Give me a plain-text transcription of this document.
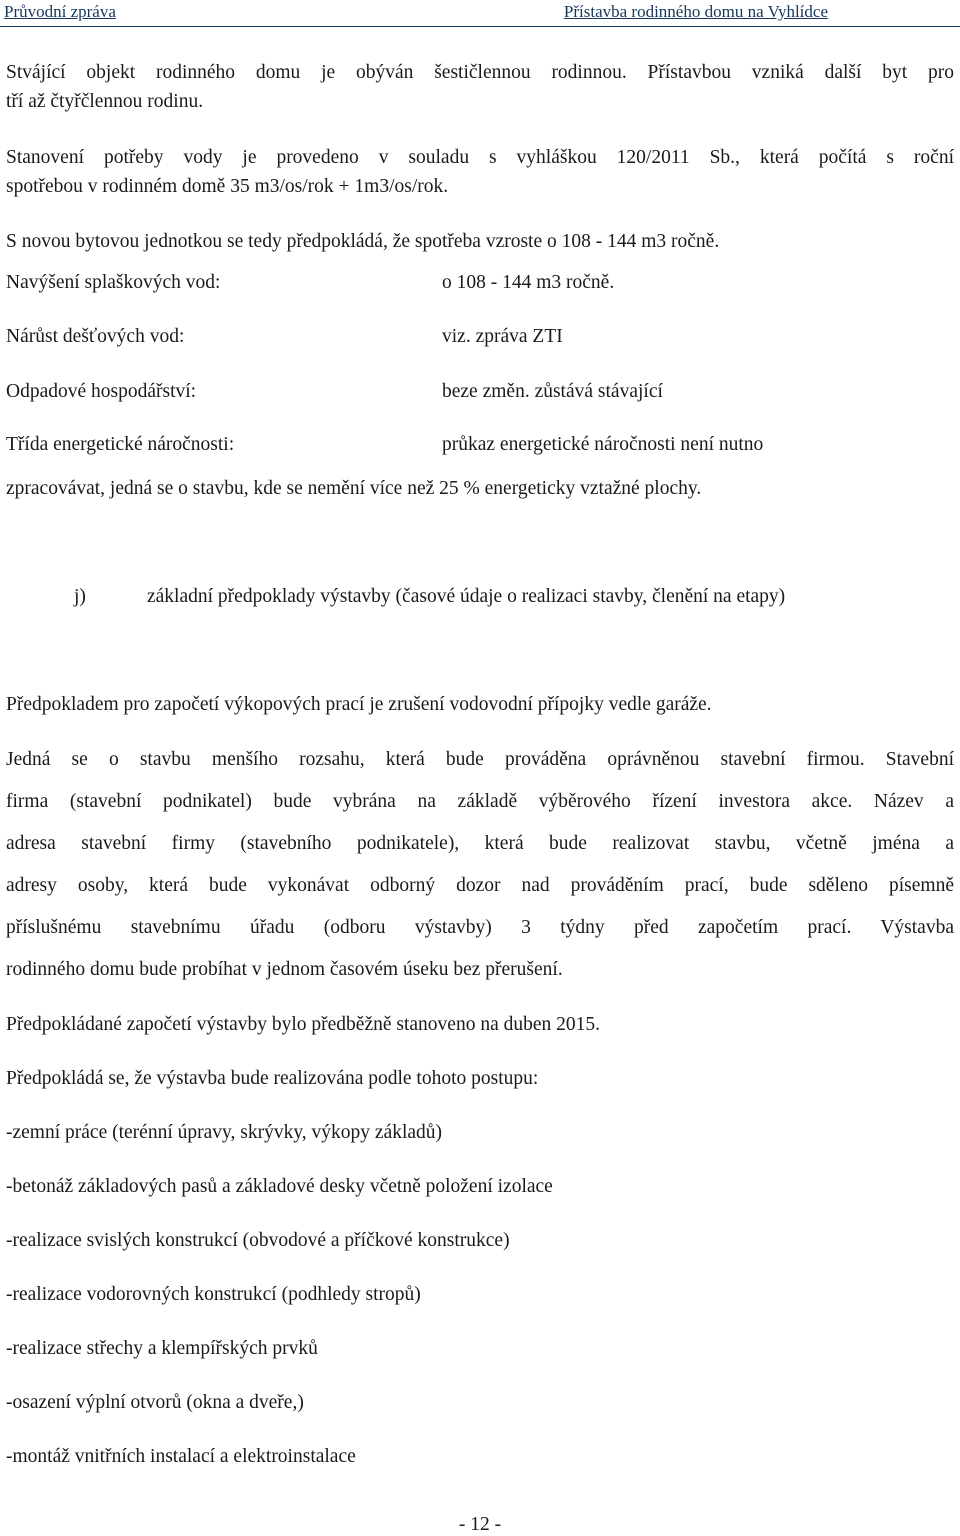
Průvodní zpráva	Přístavba rodinného domu na Vyhlídce
Stvájící objekt rodinného domu je obýván šestičlennou rodinnou. Přístavbou vzniká další byt pro
tří až čtyřčlennou rodinu.
Stanovení potřeby vody je provedeno v souladu s vyhláškou 120/2011 Sb., která počítá s roční
spotřebou v rodinném domě 35 m3/os/rok + 1m3/os/rok.
S novou bytovou jednotkou se tedy předpokládá, že spotřeba vzroste o 108 - 144 m3 ročně.
Navýšení splaškových vod:	o 108 - 144 m3 ročně.
Nárůst dešťových vod:	viz. zpráva ZTI
Odpadové hospodářství:	beze změn. zůstává stávající
Třída energetické náročnosti:	průkaz energetické náročnosti není nutno
zpracovávat, jedná se o stavbu, kde se nemění více než 25 % energeticky vztažné plochy.
j)	základní předpoklady výstavby (časové údaje o realizaci stavby, členění na etapy)
Předpokladem pro započetí výkopových prací je zrušení vodovodní přípojky vedle garáže.
Jedná se o stavbu menšího rozsahu, která bude prováděna oprávněnou stavební firmou. Stavební
firma (stavební podnikatel) bude vybrána na základě výběrového řízení investora akce. Název a
adresa stavební firmy (stavebního podnikatele), která bude realizovat stavbu, včetně jména a
adresy osoby, která bude vykonávat odborný dozor nad prováděním prací, bude sděleno písemně
příslušnému stavebnímu úřadu (odboru výstavby) 3 týdny před započetím prací. Výstavba
rodinného domu bude probíhat v jednom časovém úseku bez přerušení.
Předpokládané započetí výstavby bylo předběžně stanoveno na duben 2015.
Předpokládá se, že výstavba bude realizována podle tohoto postupu:
-zemní práce (terénní úpravy, skrývky, výkopy základů)
-betonáž základových pasů a základové desky včetně položení izolace
-realizace svislých konstrukcí (obvodové a příčkové konstrukce)
-realizace vodorovných konstrukcí (podhledy stropů)
-realizace střechy a klempířských prvků
-osazení výplní otvorů (okna a dveře,)
-montáž vnitřních instalací a elektroinstalace
- 12 -
